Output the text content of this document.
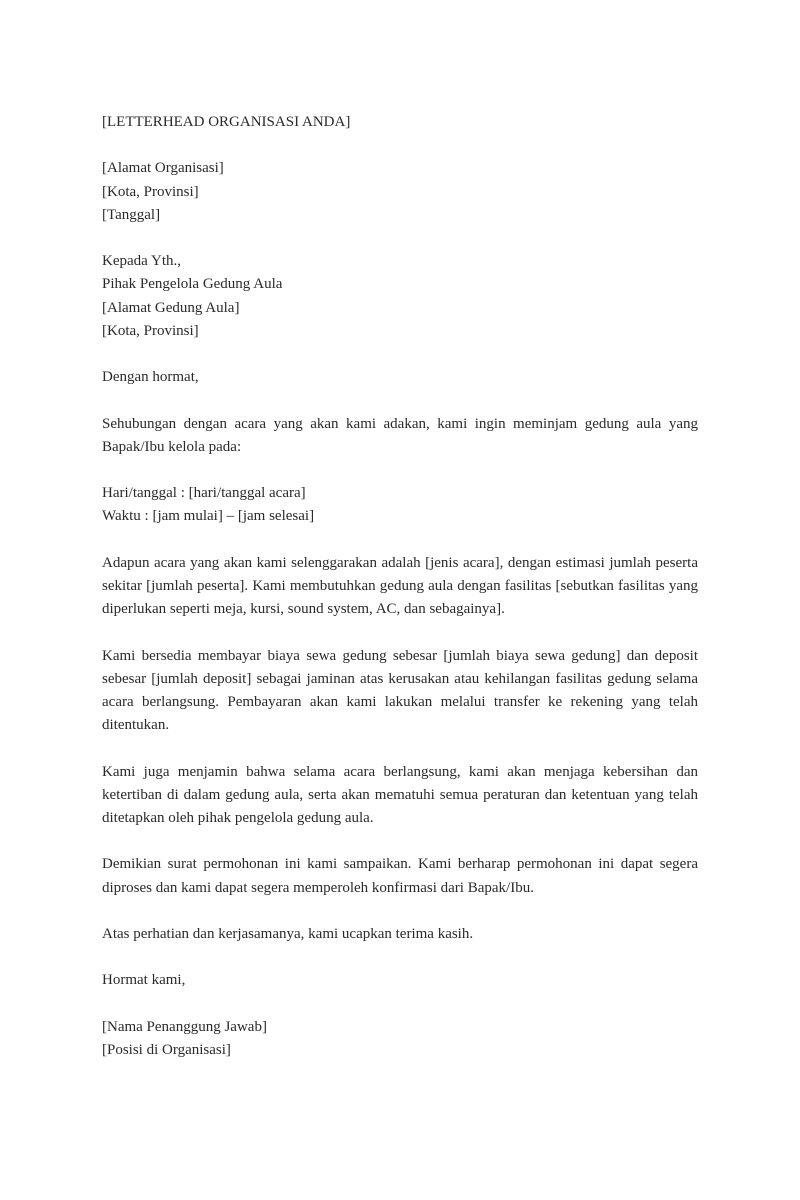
[LETTERHEAD ORGANISASI ANDA]
[Alamat Organisasi]
[Kota, Provinsi]
[Tanggal]
Kepada Yth.,
Pihak Pengelola Gedung Aula
[Alamat Gedung Aula]
[Kota, Provinsi]
Dengan hormat,

Sehubungan dengan acara yang akan kami adakan, kami ingin meminjam gedung aula yang Bapak/Ibu kelola pada:

Hari/tanggal : [hari/tanggal acara]
Waktu : [jam mulai] – [jam selesai]

Adapun acara yang akan kami selenggarakan adalah [jenis acara], dengan estimasi jumlah peserta sekitar [jumlah peserta]. Kami membutuhkan gedung aula dengan fasilitas [sebutkan fasilitas yang diperlukan seperti meja, kursi, sound system, AC, dan sebagainya].

Kami bersedia membayar biaya sewa gedung sebesar [jumlah biaya sewa gedung] dan deposit sebesar [jumlah deposit] sebagai jaminan atas kerusakan atau kehilangan fasilitas gedung selama acara berlangsung. Pembayaran akan kami lakukan melalui transfer ke rekening yang telah ditentukan.

Kami juga menjamin bahwa selama acara berlangsung, kami akan menjaga kebersihan dan ketertiban di dalam gedung aula, serta akan mematuhi semua peraturan dan ketentuan yang telah ditetapkan oleh pihak pengelola gedung aula.

Demikian surat permohonan ini kami sampaikan. Kami berharap permohonan ini dapat segera diproses dan kami dapat segera memperoleh konfirmasi dari Bapak/Ibu.

Atas perhatian dan kerjasamanya, kami ucapkan terima kasih.

Hormat kami,
[Nama Penanggung Jawab]
[Posisi di Organisasi]
